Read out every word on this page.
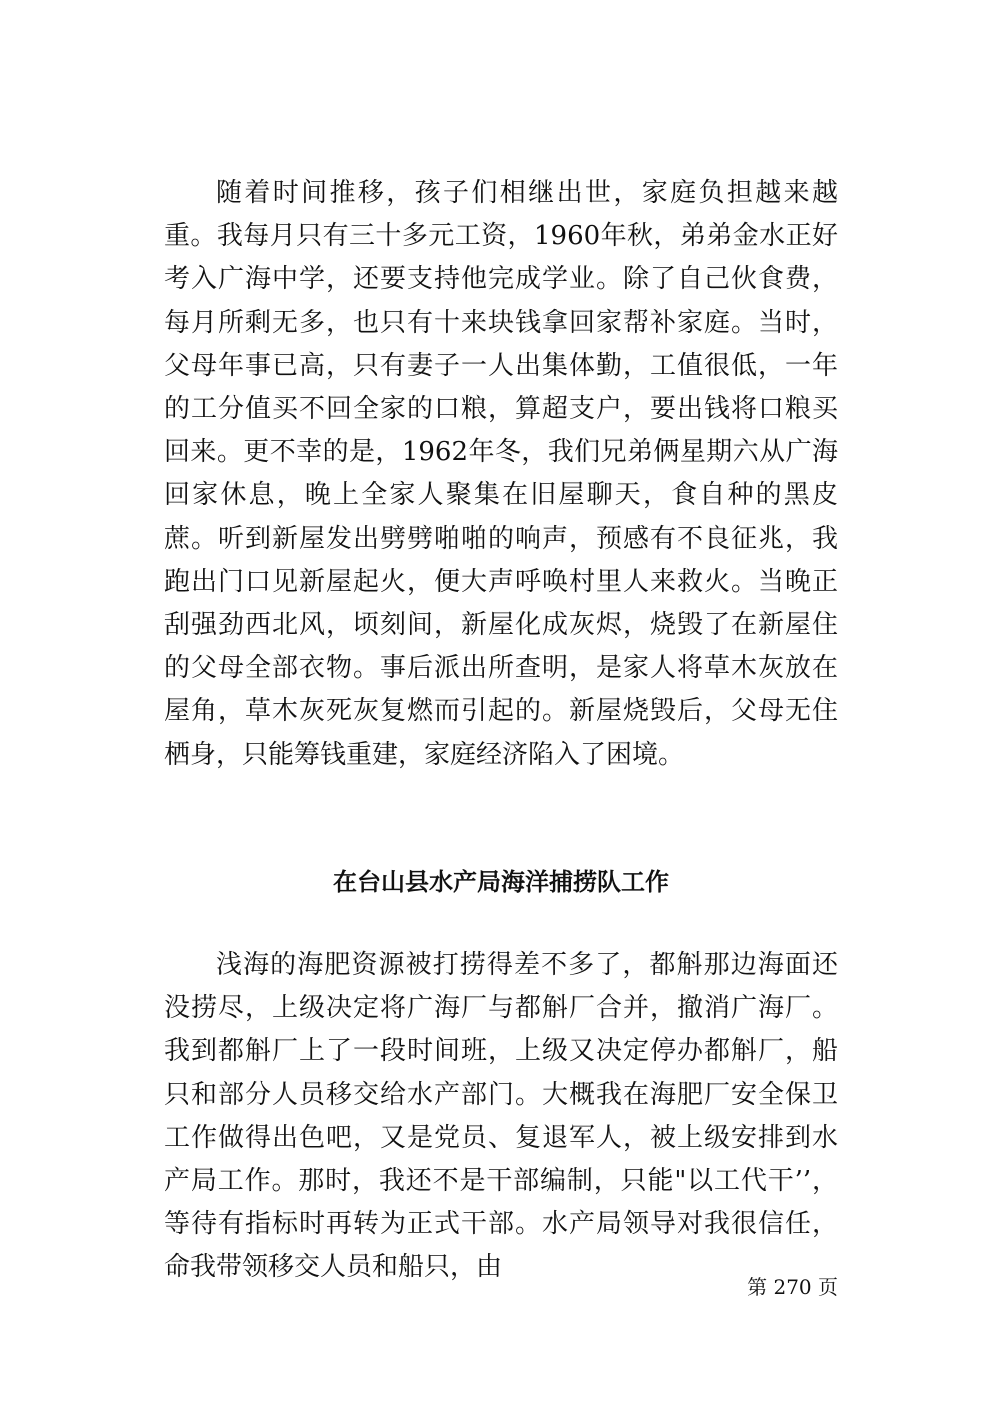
随着时间推移，孩子们相继出世，家庭负担越来越重。我每月只有三十多元工资，1960年秋，弟弟金水正好考入广海中学，还要支持他完成学业。除了自己伙食费，每月所剩无多，也只有十来块钱拿回家帮补家庭。当时，父母年事已高，只有妻子一人出集体勤，工值很低，一年的工分值买不回全家的口粮，算超支户，要出钱将口粮买回来。更不幸的是，1962年冬，我们兄弟俩星期六从广海回家休息，晚上全家人聚集在旧屋聊天，食自种的黑皮蔗。听到新屋发出劈劈啪啪的响声，预感有不良征兆，我跑出门口见新屋起火，便大声呼唤村里人来救火。当晚正刮强劲西北风，顷刻间，新屋化成灰烬，烧毁了在新屋住的父母全部衣物。事后派出所查明，是家人将草木灰放在屋角，草木灰死灰复燃而引起的。新屋烧毁后，父母无住栖身，只能筹钱重建，家庭经济陷入了困境。

在台山县水产局海洋捕捞队工作

浅海的海肥资源被打捞得差不多了，都斛那边海面还没捞尽，上级决定将广海厂与都斛厂合并，撤消广海厂。我到都斛厂上了一段时间班，上级又决定停办都斛厂，船只和部分人员移交给水产部门。大概我在海肥厂安全保卫工作做得出色吧，又是党员、复退军人，被上级安排到水产局工作。那时，我还不是干部编制，只能"以工代干’’，等待有指标时再转为正式干部。水产局领导对我很信任，命我带领移交人员和船只，由

第 270 页
